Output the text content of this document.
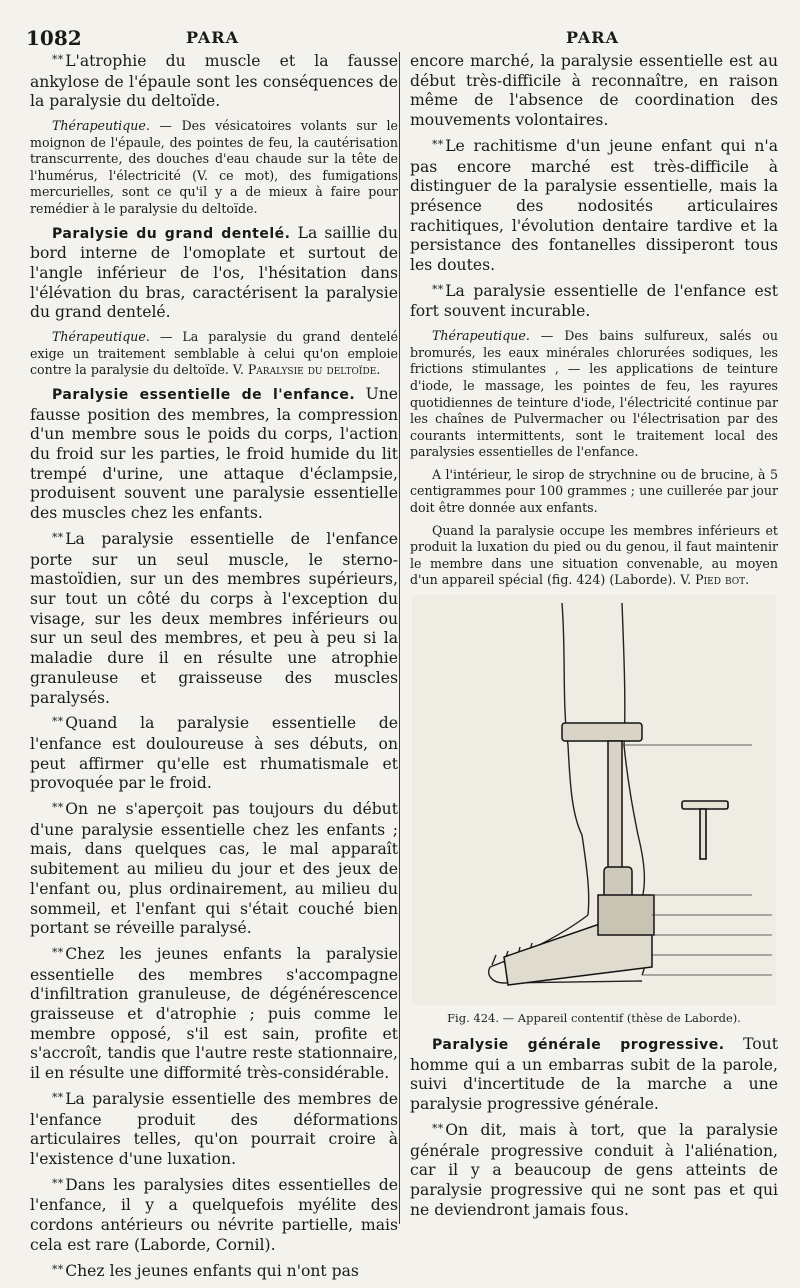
1082	PARA	PARA

* * L'atrophie du muscle et la fausse ankylose de l'épaule sont les conséquences de la paralysie du deltoïde.

Thérapeutique. — Des vésicatoires volants sur le moignon de l'épaule, des pointes de feu, la cautérisation transcurrente, des douches d'eau chaude sur la tête de l'humérus, l'électricité (V. ce mot), des fumigations mercurielles, sont ce qu'il y a de mieux à faire pour remédier à le paralysie du deltoïde.

Paralysie du grand dentelé. La saillie du bord interne de l'omoplate et surtout de l'angle inférieur de l'os, l'hésitation dans l'élévation du bras, caractérisent la paralysie du grand dentelé.

Thérapeutique. — La paralysie du grand dentelé exige un traitement semblable à celui qu'on emploie contre la paralysie du deltoïde. V. Paralysie du deltoïde.

Paralysie essentielle de l'enfance. Une fausse position des membres, la compression d'un membre sous le poids du corps, l'action du froid sur les parties, le froid humide du lit trempé d'urine, une attaque d'éclampsie, produisent souvent une paralysie essentielle des muscles chez les enfants.

* * La paralysie essentielle de l'enfance porte sur un seul muscle, le sterno-mastoïdien, sur un des membres supérieurs, sur tout un côté du corps à l'exception du visage, sur les deux membres inférieurs ou sur un seul des membres, et peu à peu si la maladie dure il en résulte une atrophie granuleuse et graisseuse des muscles paralysés.

* * Quand la paralysie essentielle de l'enfance est douloureuse à ses débuts, on peut affirmer qu'elle est rhumatismale et provoquée par le froid.

* * On ne s'aperçoit pas toujours du début d'une paralysie essentielle chez les enfants ; mais, dans quelques cas, le mal apparaît subitement au milieu du jour et des jeux de l'enfant ou, plus ordinairement, au milieu du sommeil, et l'enfant qui s'était couché bien portant se réveille paralysé.

* * Chez les jeunes enfants la paralysie essentielle des membres s'accompagne d'infiltration granuleuse, de dégénérescence graisseuse et d'atrophie ; puis comme le membre opposé, s'il est sain, profite et s'accroît, tandis que l'autre reste stationnaire, il en résulte une difformité très-considérable.

* * La paralysie essentielle des membres de l'enfance produit des déformations articulaires telles, qu'on pourrait croire à l'existence d'une luxation.

* * Dans les paralysies dites essentielles de l'enfance, il y a quelquefois myélite des cordons antérieurs ou névrite partielle, mais cela est rare (Laborde, Cornil).

* * Chez les jeunes enfants qui n'ont pas

encore marché, la paralysie essentielle est au début très-difficile à reconnaître, en raison même de l'absence de coordination des mouvements volontaires.

* * Le rachitisme d'un jeune enfant qui n'a pas encore marché est très-difficile à distinguer de la paralysie essentielle, mais la présence des nodosités articulaires rachitiques, l'évolution dentaire tardive et la persistance des fontanelles dissiperont tous les doutes.

* * La paralysie essentielle de l'enfance est fort souvent incurable.

Thérapeutique. — Des bains sulfureux, salés ou bromurés, les eaux minérales chlorurées sodiques, les frictions stimulantes , — les applications de teinture d'iode, le massage, les pointes de feu, les rayures quotidiennes de teinture d'iode, l'électricité continue par les chaînes de Pulvermacher ou l'électrisation par des courants intermittents, sont le traitement local des paralysies essentielles de l'enfance.

A l'intérieur, le sirop de strychnine ou de brucine, à 5 centigrammes pour 100 grammes ; une cuillerée par jour doit être donnée aux enfants.

Quand la paralysie occupe les membres inférieurs et produit la luxation du pied ou du genou, il faut maintenir le membre dans une situation convenable, au moyen d'un appareil spécial (fig. 424) (Laborde). V. Pied bot.

Fig. 424. — Appareil contentif (thèse de Laborde).

Paralysie générale progressive. Tout homme qui a un embarras subit de la parole, suivi d'incertitude de la marche a une paralysie progressive générale.

* * On dit, mais à tort, que la paralysie générale progressive conduit à l'aliénation, car il y a beaucoup de gens atteints de paralysie progressive qui ne sont pas et qui ne deviendront jamais fous.
